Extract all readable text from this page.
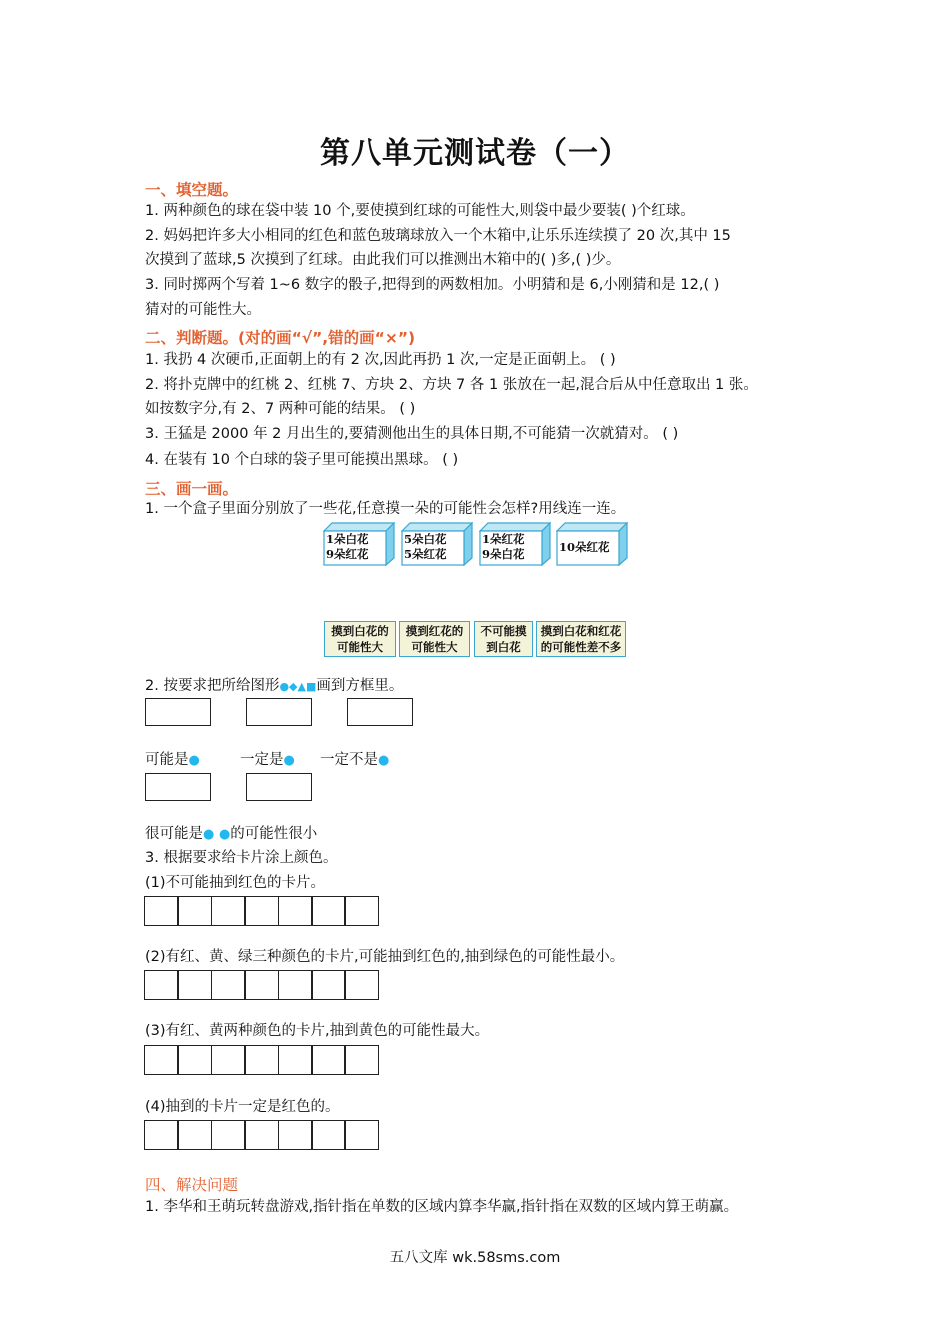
第八单元测试卷（一）
一、填空题。
1. 两种颜色的球在袋中装 10 个,要使摸到红球的可能性大,则袋中最少要装( )个红球。
2. 妈妈把许多大小相同的红色和蓝色玻璃球放入一个木箱中,让乐乐连续摸了 20 次,其中 15
次摸到了蓝球,5 次摸到了红球。由此我们可以推测出木箱中的( )多,( )少。
3. 同时掷两个写着 1~6 数字的骰子,把得到的两数相加。小明猜和是 6,小刚猜和是 12,( )
猜对的可能性大。
二、判断题。(对的画“√”,错的画“×”)
1. 我扔 4 次硬币,正面朝上的有 2 次,因此再扔 1 次,一定是正面朝上。 ( )
2. 将扑克牌中的红桃 2、红桃 7、方块 2、方块 7 各 1 张放在一起,混合后从中任意取出 1 张。
如按数字分,有 2、7 两种可能的结果。 ( )
3. 王猛是 2000 年 2 月出生的,要猜测他出生的具体日期,不可能猜一次就猜对。 ( )
4. 在装有 10 个白球的袋子里可能摸出黑球。 ( )
三、画一画。
1. 一个盒子里面分别放了一些花,任意摸一朵的可能性会怎样?用线连一连。
1朵白花
9朵红花
5朵白花
5朵红花
1朵红花
9朵白花	10朵红花
摸到白花的
可能性大
摸到红花的
可能性大
不可能摸
到白花
摸到白花和红花
的可能性差不多
2. 按要求把所给图形●◆▲■画到方框里。
可能是●	一定是● 一定不是●
很可能是● ●的可能性很小
3. 根据要求给卡片涂上颜色。
(1)不可能抽到红色的卡片。
(2)有红、黄、绿三种颜色的卡片,可能抽到红色的,抽到绿色的可能性最小。
(3)有红、黄两种颜色的卡片,抽到黄色的可能性最大。
(4)抽到的卡片一定是红色的。
四、解决问题
1. 李华和王萌玩转盘游戏,指针指在单数的区域内算李华赢,指针指在双数的区域内算王萌赢。
五八文库 wk.58sms.com
